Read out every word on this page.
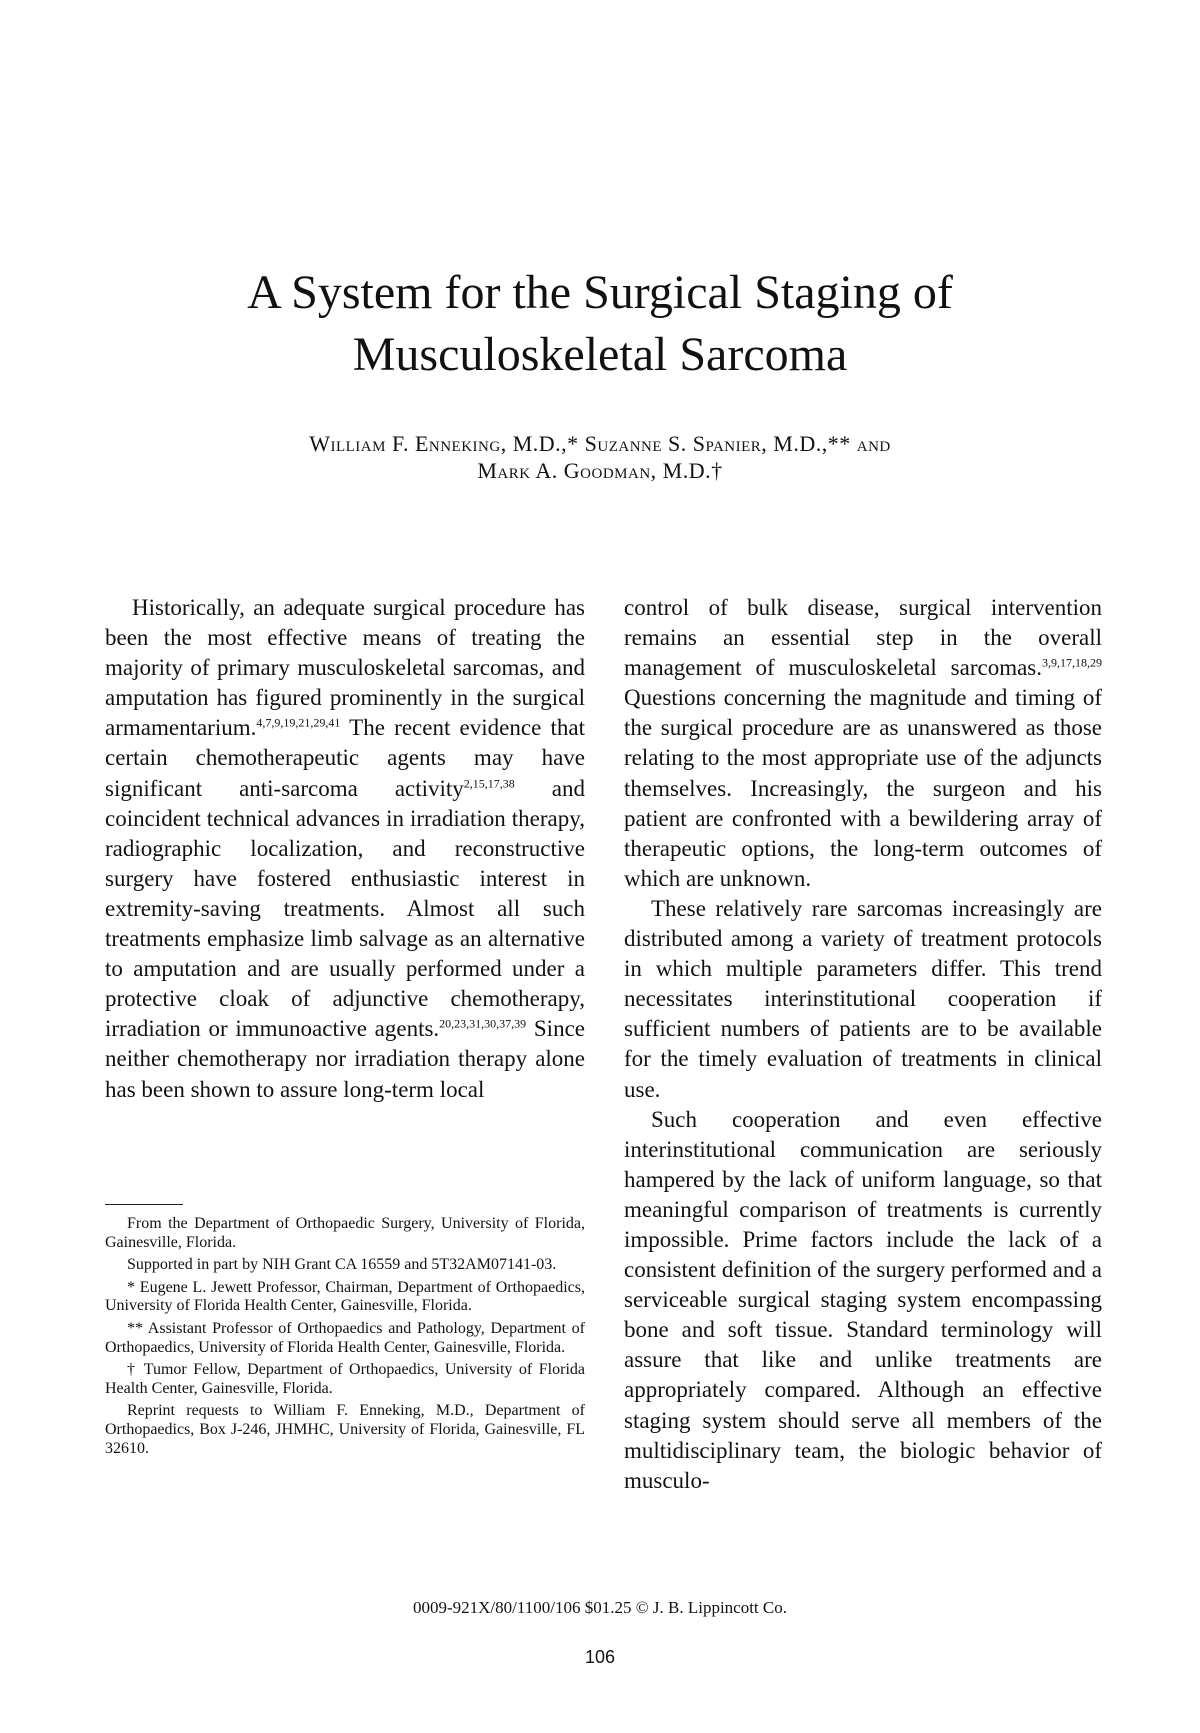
A System for the Surgical Staging of
Musculoskeletal Sarcoma
William F. Enneking, M.D.,* Suzanne S. Spanier, M.D.,** and
Mark A. Goodman, M.D.†

Historically, an adequate surgical procedure has been the most effective means of treating the majority of primary musculoskeletal sarcomas, and amputation has figured prominently in the surgical armamentarium.$^{4,7,9,19,21,29,41}$ The recent evidence that certain chemotherapeutic agents may have significant anti-sarcoma activity$^{2,15,17,38}$ and coincident technical advances in irradiation therapy, radiographic localization, and reconstructive surgery have fostered enthusiastic interest in extremity-saving treatments. Almost all such treatments emphasize limb salvage as an alternative to amputation and are usually performed under a protective cloak of adjunctive chemotherapy, irradiation or immunoactive agents.$^{20,23,31,30,37,39}$ Since neither chemotherapy nor irradiation therapy alone has been shown to assure long-term local

From the Department of Orthopaedic Surgery, University of Florida, Gainesville, Florida.

Supported in part by NIH Grant CA 16559 and 5T32AM07141-03.

* Eugene L. Jewett Professor, Chairman, Department of Orthopaedics, University of Florida Health Center, Gainesville, Florida.

** Assistant Professor of Orthopaedics and Pathology, Department of Orthopaedics, University of Florida Health Center, Gainesville, Florida.

† Tumor Fellow, Department of Orthopaedics, University of Florida Health Center, Gainesville, Florida.

Reprint requests to William F. Enneking, M.D., Department of Orthopaedics, Box J-246, JHMHC, University of Florida, Gainesville, FL 32610.

control of bulk disease, surgical intervention remains an essential step in the overall management of musculoskeletal sarcomas.$^{3,9,17,18,29}$ Questions concerning the magnitude and timing of the surgical procedure are as unanswered as those relating to the most appropriate use of the adjuncts themselves. Increasingly, the surgeon and his patient are confronted with a bewildering array of therapeutic options, the long-term outcomes of which are unknown.

These relatively rare sarcomas increasingly are distributed among a variety of treatment protocols in which multiple parameters differ. This trend necessitates interinstitutional cooperation if sufficient numbers of patients are to be available for the timely evaluation of treatments in clinical use.

Such cooperation and even effective interinstitutional communication are seriously hampered by the lack of uniform language, so that meaningful comparison of treatments is currently impossible. Prime factors include the lack of a consistent definition of the surgery performed and a serviceable surgical staging system encompassing bone and soft tissue. Standard terminology will assure that like and unlike treatments are appropriately compared. Although an effective staging system should serve all members of the multidisciplinary team, the biologic behavior of musculo-

0009-921X/80/1100/106 $01.25 © J. B. Lippincott Co.
106
